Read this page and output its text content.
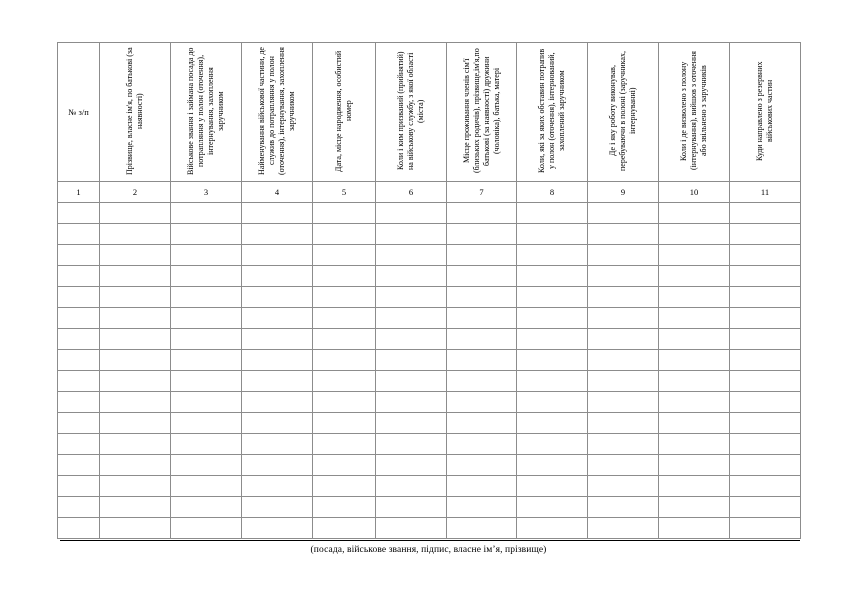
№ з/п	Прізвище, власне ім'я, по батькові (за наявності)	Військове звання і займана посада до потрапляння у полон (оточення), інтернування, захоплення заручником	Найменування військової частини, де служив до потрапляння у полон (оточення), інтернування, захоплення заручником	Дата, місце народження, особистий номер	Коли і ким призваний (прийнятий) на військову службу, з якої області (міста)	Місце проживання членів сім'ї (близьких родичів), прізвище,ім'я,по батькові (за наявності) дружини (чоловіка), батька, матері	Коли, які за яких обставин потрапив у полон (оточення), інтернований, захоплений заручником	Де і яку роботу виконував, перебуваючи в полоні (заручниках, інтернуванні)	Коли і де визволено з полону (інтернування), вийшов з оточення або звільнено з заручників	Куди направлено з резервних військових частин
1	2	3	4	5	6	7	8	9	10	11

(посада, військове звання, підпис, власне ім’я, прізвище)
